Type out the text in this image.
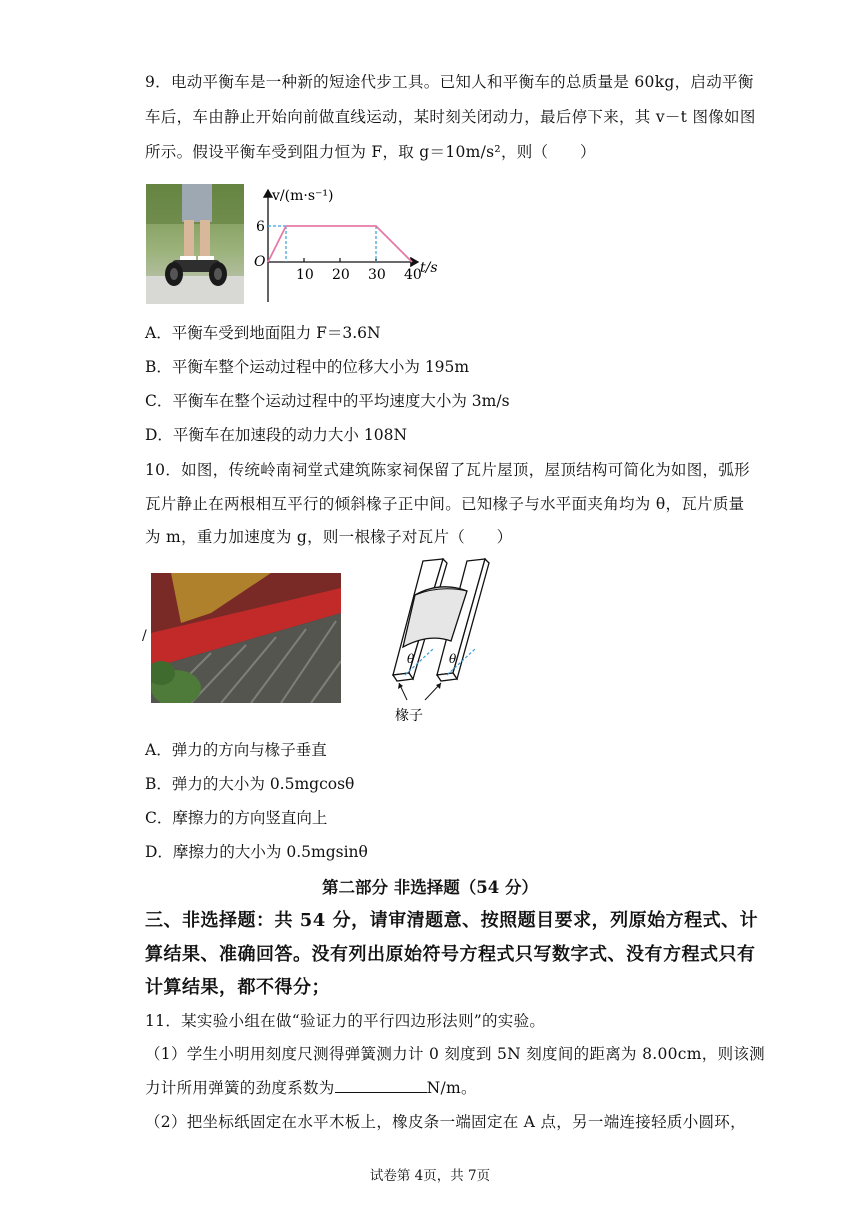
9．电动平衡车是一种新的短途代步工具。已知人和平衡车的总质量是 60kg，启动平衡
车后，车由静止开始向前做直线运动，某时刻关闭动力，最后停下来，其 v－t 图像如图
所示。假设平衡车受到阻力恒为 F，取 g＝10m/s²，则（　　）
v/(m·s⁻¹)
t/s
O
6
10 20 30 40
A．平衡车受到地面阻力 F＝3.6N
B．平衡车整个运动过程中的位移大小为 195m
C．平衡车在整个运动过程中的平均速度大小为 3m/s
D．平衡车在加速段的动力大小 108N
10．如图，传统岭南祠堂式建筑陈家祠保留了瓦片屋顶，屋顶结构可简化为如图，弧形
瓦片静止在两根相互平行的倾斜椽子正中间。已知椽子与水平面夹角均为 θ，瓦片质量
为 m，重力加速度为 g，则一根椽子对瓦片（　　）
/
θ	θ
椽子
A．弹力的方向与椽子垂直
B．弹力的大小为 0.5mgcosθ
C．摩擦力的方向竖直向上
D．摩擦力的大小为 0.5mgsinθ
第二部分 非选择题（54 分）
三、非选择题：共 54 分，请审清题意、按照题目要求，列原始方程式、计
算结果、准确回答。没有列出原始符号方程式只写数字式、没有方程式只有
计算结果，都不得分；
11．某实验小组在做“验证力的平行四边形法则”的实验。
（1）学生小明用刻度尺测得弹簧测力计 0 刻度到 5N 刻度间的距离为 8.00cm，则该测
力计所用弹簧的劲度系数为	N/m。
（2）把坐标纸固定在水平木板上，橡皮条一端固定在 A 点，另一端连接轻质小圆环，
试卷第 4页，共 7页
